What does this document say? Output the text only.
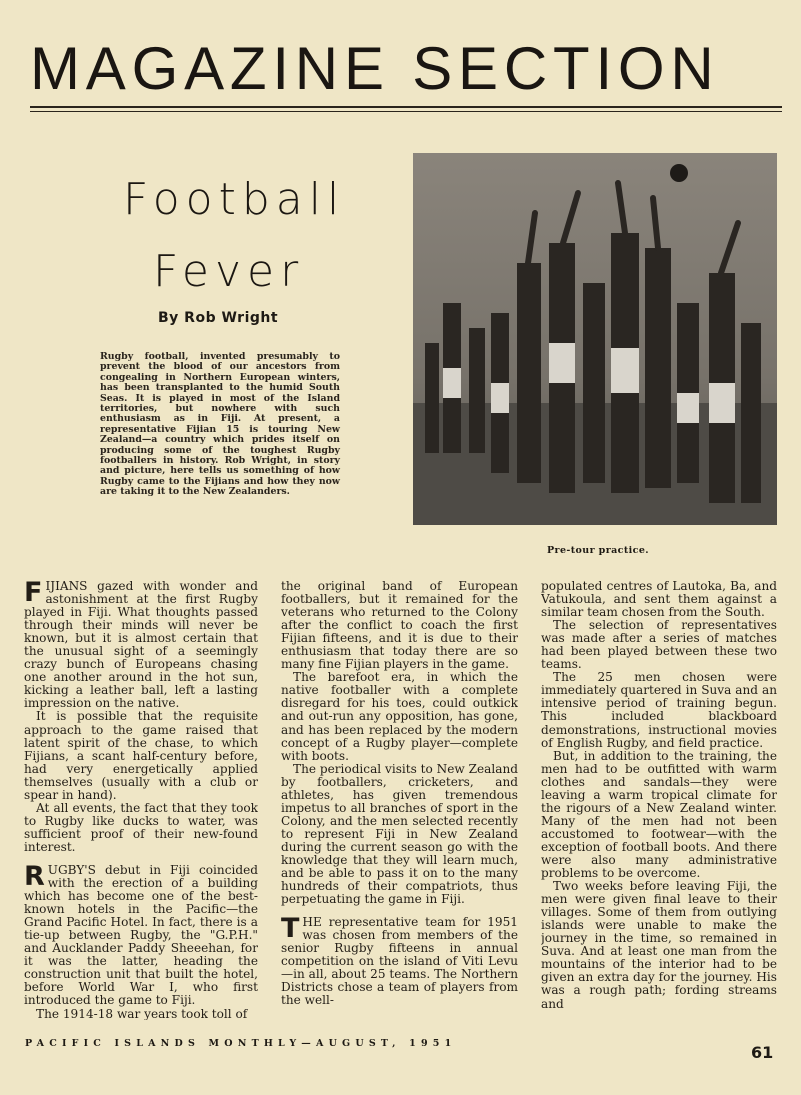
MAGAZINE SECTION
Football
Fever
By Rob Wright
Rugby football, invented presumably to prevent the blood of our ancestors from congealing in Northern European winters, has been transplanted to the humid South Seas. It is played in most of the Island territories, but nowhere with such enthusiasm as in Fiji. At present, a representative Fijian 15 is touring New Zealand—a country which prides itself on producing some of the toughest Rugby footballers in history. Rob Wright, in story and picture, here tells us something of how Rugby came to the Fijians and how they now are taking it to the New Zealanders.
Pre-tour practice.

FIJIANS gazed with wonder and astonishment at the first Rugby played in Fiji. What thoughts passed through their minds will never be known, but it is almost certain that the unusual sight of a seemingly crazy bunch of Europeans chasing one another around in the hot sun, kicking a leather ball, left a lasting impression on the native.

It is possible that the requisite approach to the game raised that latent spirit of the chase, to which Fijians, a scant half-century before, had very energetically applied themselves (usually with a club or spear in hand).

At all events, the fact that they took to Rugby like ducks to water, was sufficient proof of their new-found interest.

RUGBY'S debut in Fiji coincided with the erection of a building which has become one of the best-known hotels in the Pacific—the Grand Pacific Hotel. In fact, there is a tie-up between Rugby, the "G.P.H." and Aucklander Paddy Sheeehan, for it was the latter, heading the construction unit that built the hotel, before World War I, who first introduced the game to Fiji.

The 1914-18 war years took toll of

the original band of European footballers, but it remained for the veterans who returned to the Colony after the conflict to coach the first Fijian fifteens, and it is due to their enthusiasm that today there are so many fine Fijian players in the game.

The barefoot era, in which the native footballer with a complete disregard for his toes, could outkick and out-run any opposition, has gone, and has been replaced by the modern concept of a Rugby player—complete with boots.

The periodical visits to New Zealand by footballers, cricketers, and athletes, has given tremendous impetus to all branches of sport in the Colony, and the men selected recently to represent Fiji in New Zealand during the current season go with the knowledge that they will learn much, and be able to pass it on to the many hundreds of their compatriots, thus perpetuating the game in Fiji.

THE representative team for 1951 was chosen from members of the senior Rugby fifteens in annual competition on the island of Viti Levu—in all, about 25 teams. The Northern Districts chose a team of players from the well-

populated centres of Lautoka, Ba, and Vatukoula, and sent them against a similar team chosen from the South.

The selection of representatives was made after a series of matches had been played between these two teams.

The 25 men chosen were immediately quartered in Suva and an intensive period of training begun. This included blackboard demonstrations, instructional movies of English Rugby, and field practice.

But, in addition to the training, the men had to be outfitted with warm clothes and sandals—they were leaving a warm tropical climate for the rigours of a New Zealand winter. Many of the men had not been accustomed to footwear—with the exception of football boots. And there were also many administrative problems to be overcome.

Two weeks before leaving Fiji, the men were given final leave to their villages. Some of them from outlying islands were unable to make the journey in the time, so remained in Suva. And at least one man from the mountains of the interior had to be given an extra day for the journey. His was a rough path; fording streams and

PACIFIC ISLANDS MONTHLY—AUGUST, 1951	61
